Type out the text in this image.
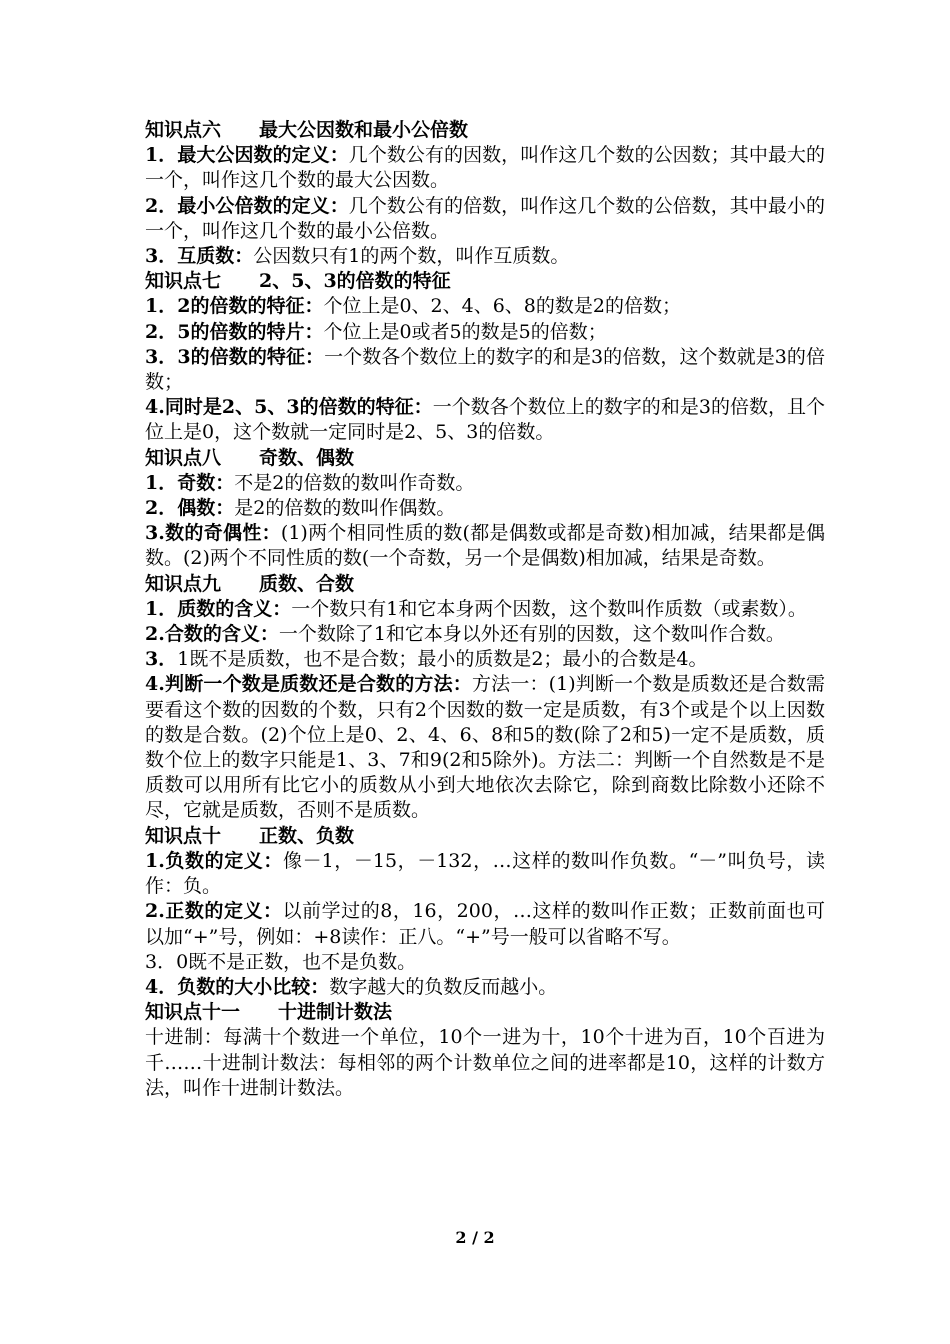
知识点六　　最大公因数和最小公倍数

1．最大公因数的定义：几个数公有的因数，叫作这几个数的公因数；其中最大的一个，叫作这几个数的最大公因数。

2．最小公倍数的定义：几个数公有的倍数，叫作这几个数的公倍数，其中最小的一个，叫作这几个数的最小公倍数。

3．互质数：公因数只有1的两个数，叫作互质数。

知识点七　　2、5、3的倍数的特征

1．2的倍数的特征：个位上是0、2、4、6、8的数是2的倍数；

2．5的倍数的特片：个位上是0或者5的数是5的倍数；

3．3的倍数的特征：一个数各个数位上的数字的和是3的倍数，这个数就是3的倍数；

4.同时是2、5、3的倍数的特征：一个数各个数位上的数字的和是3的倍数，且个位上是0，这个数就一定同时是2、5、3的倍数。

知识点八　　奇数、偶数

1．奇数：不是2的倍数的数叫作奇数。

2．偶数：是2的倍数的数叫作偶数。

3.数的奇偶性：(1)两个相同性质的数(都是偶数或都是奇数)相加减，结果都是偶数。(2)两个不同性质的数(一个奇数，另一个是偶数)相加减，结果是奇数。

知识点九　　质数、合数

1．质数的含义：一个数只有1和它本身两个因数，这个数叫作质数（或素数）。

2.合数的含义：一个数除了1和它本身以外还有别的因数，这个数叫作合数。

3．1既不是质数，也不是合数；最小的质数是2；最小的合数是4。

4.判断一个数是质数还是合数的方法：方法一：(1)判断一个数是质数还是合数需要看这个数的因数的个数，只有2个因数的数一定是质数，有3个或是个以上因数的数是合数。(2)个位上是0、2、4、6、8和5的数(除了2和5)一定不是质数，质数个位上的数字只能是1、3、7和9(2和5除外)。方法二：判断一个自然数是不是质数可以用所有比它小的质数从小到大地依次去除它，除到商数比除数小还除不尽，它就是质数，否则不是质数。

知识点十　　正数、负数

1.负数的定义：像－1，－15，－132，…这样的数叫作负数。“－”叫负号，读作：负。

2.正数的定义：以前学过的8，16，200，…这样的数叫作正数；正数前面也可以加“+”号，例如：+8读作：正八。“+”号一般可以省略不写。

3．0既不是正数，也不是负数。

4．负数的大小比较：数字越大的负数反而越小。

知识点十一　　十进制计数法

十进制：每满十个数进一个单位，10个一进为十，10个十进为百，10个百进为千……十进制计数法：每相邻的两个计数单位之间的进率都是10，这样的计数方法，叫作十进制计数法。

2 / 2
